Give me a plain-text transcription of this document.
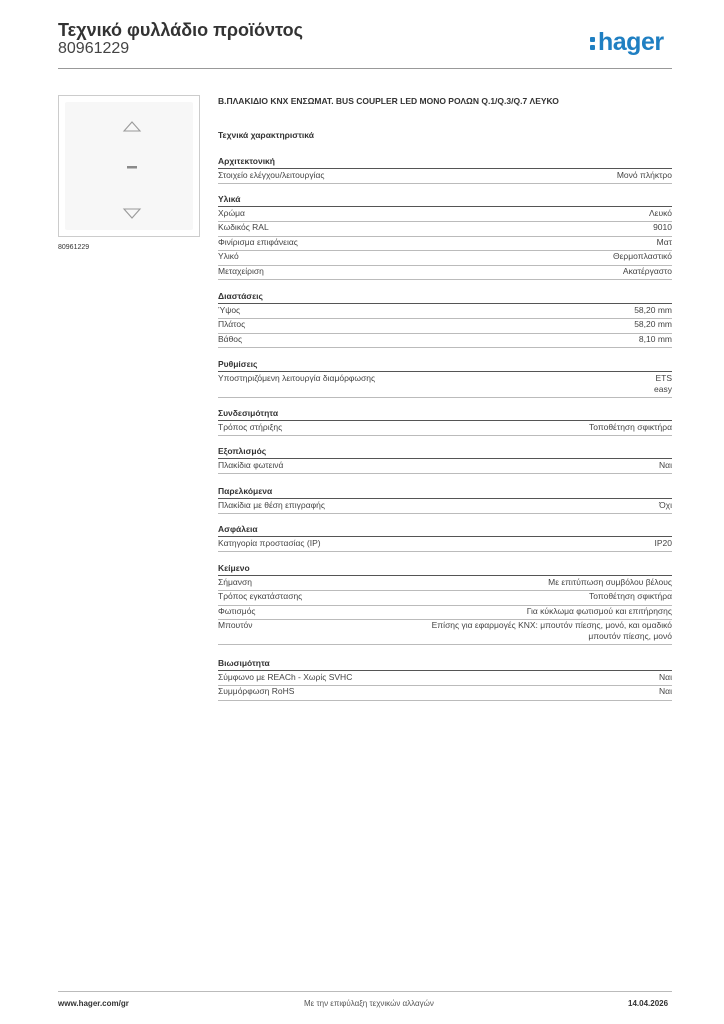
Τεχνικό φυλλάδιο προϊόντος
80961229	hager
80961229
Β.ΠΛΑΚΙΔΙΟ KNX ΕΝΣΩΜΑΤ. BUS COUPLER LED ΜΟΝΟ ΡΟΛΩΝ Q.1/Q.3/Q.7 ΛΕΥΚΟ
Τεχνικά χαρακτηριστικά
Αρχιτεκτονική
Στοιχείο ελέγχου/λειτουργίας	Μονό πλήκτρο
Υλικά
Χρώμα	Λευκό
Κωδικός RAL	9010
Φινίρισμα επιφάνειας	Ματ
Υλικό	Θερμοπλαστικό
Μεταχείριση	Ακατέργαστο
Διαστάσεις
Ύψος	58,20 mm
Πλάτος	58,20 mm
Βάθος	8,10 mm
Ρυθμίσεις
Υποστηριζόμενη λειτουργία διαμόρφωσης	ETS
easy
Συνδεσιμότητα
Τρόπος στήριξης	Τοποθέτηση σφικτήρα
Εξοπλισμός
Πλακίδια φωτεινά	Ναι
Παρελκόμενα
Πλακίδια με θέση επιγραφής	Όχι
Ασφάλεια
Κατηγορία προστασίας (IP)	IP20
Κείμενο
Σήμανση	Με επιτύπωση συμβόλου βέλους
Τρόπος εγκατάστασης	Τοποθέτηση σφικτήρα
Φωτισμός	Για κύκλωμα φωτισμού και επιτήρησης
Μπουτόν	Επίσης για εφαρμογές KNX: μπουτόν πίεσης, μονό, και ομαδικό
μπουτόν πίεσης, μονό
Βιωσιμότητα
Σύμφωνο με REACh - Χωρίς SVHC	Ναι
Συμμόρφωση RoHS	Ναι
www.hager.com/gr	Με την επιφύλαξη τεχνικών αλλαγών	14.04.2026
